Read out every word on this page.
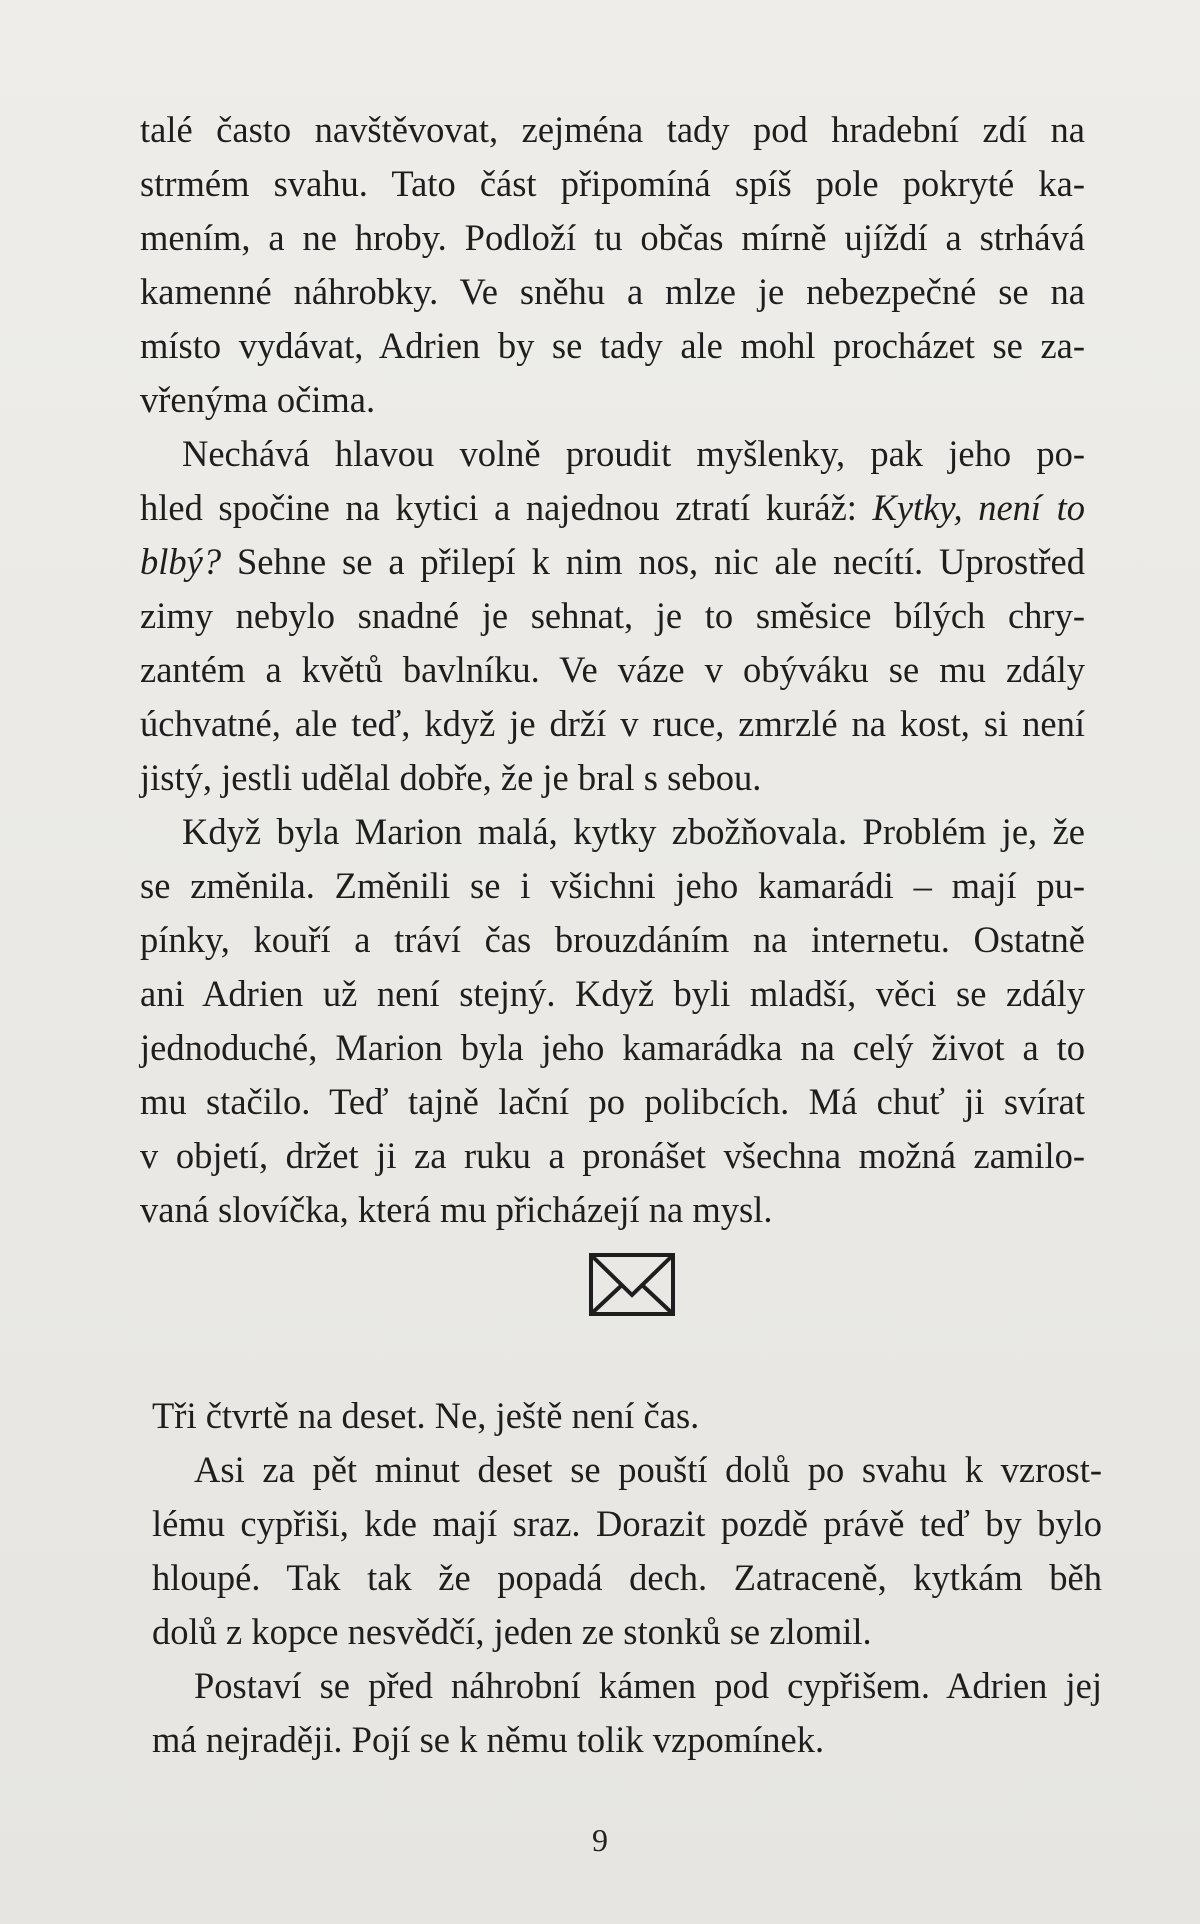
talé často navštěvovat, zejména tady pod hradební zdí na

strmém svahu. Tato část připomíná spíš pole pokryté ka-

mením, a ne hroby. Podloží tu občas mírně ujíždí a strhává

kamenné náhrobky. Ve sněhu a mlze je nebezpečné se na

místo vydávat, Adrien by se tady ale mohl procházet se za-

vřenýma očima.

Nechává hlavou volně proudit myšlenky, pak jeho po-

hled spočine na kytici a najednou ztratí kuráž: Kytky, není to

blbý? Sehne se a přilepí k nim nos, nic ale necítí. Uprostřed

zimy nebylo snadné je sehnat, je to směsice bílých chry-

zantém a květů bavlníku. Ve váze v obýváku se mu zdály

úchvatné, ale teď, když je drží v ruce, zmrzlé na kost, si není

jistý, jestli udělal dobře, že je bral s sebou.

Když byla Marion malá, kytky zbožňovala. Problém je, že

se změnila. Změnili se i všichni jeho kamarádi – mají pu-

pínky, kouří a tráví čas brouzdáním na internetu. Ostatně

ani Adrien už není stejný. Když byli mladší, věci se zdály

jednoduché, Marion byla jeho kamarádka na celý život a to

mu stačilo. Teď tajně lační po polibcích. Má chuť ji svírat

v objetí, držet ji za ruku a pronášet všechna možná zamilo-

vaná slovíčka, která mu přicházejí na mysl.

Tři čtvrtě na deset. Ne, ještě není čas.

Asi za pět minut deset se pouští dolů po svahu k vzrost-

lému cypřiši, kde mají sraz. Dorazit pozdě právě teď by bylo

hloupé. Tak tak že popadá dech. Zatraceně, kytkám běh

dolů z kopce nesvědčí, jeden ze stonků se zlomil.

Postaví se před náhrobní kámen pod cypřišem. Adrien jej

má nejraději. Pojí se k němu tolik vzpomínek.

9
